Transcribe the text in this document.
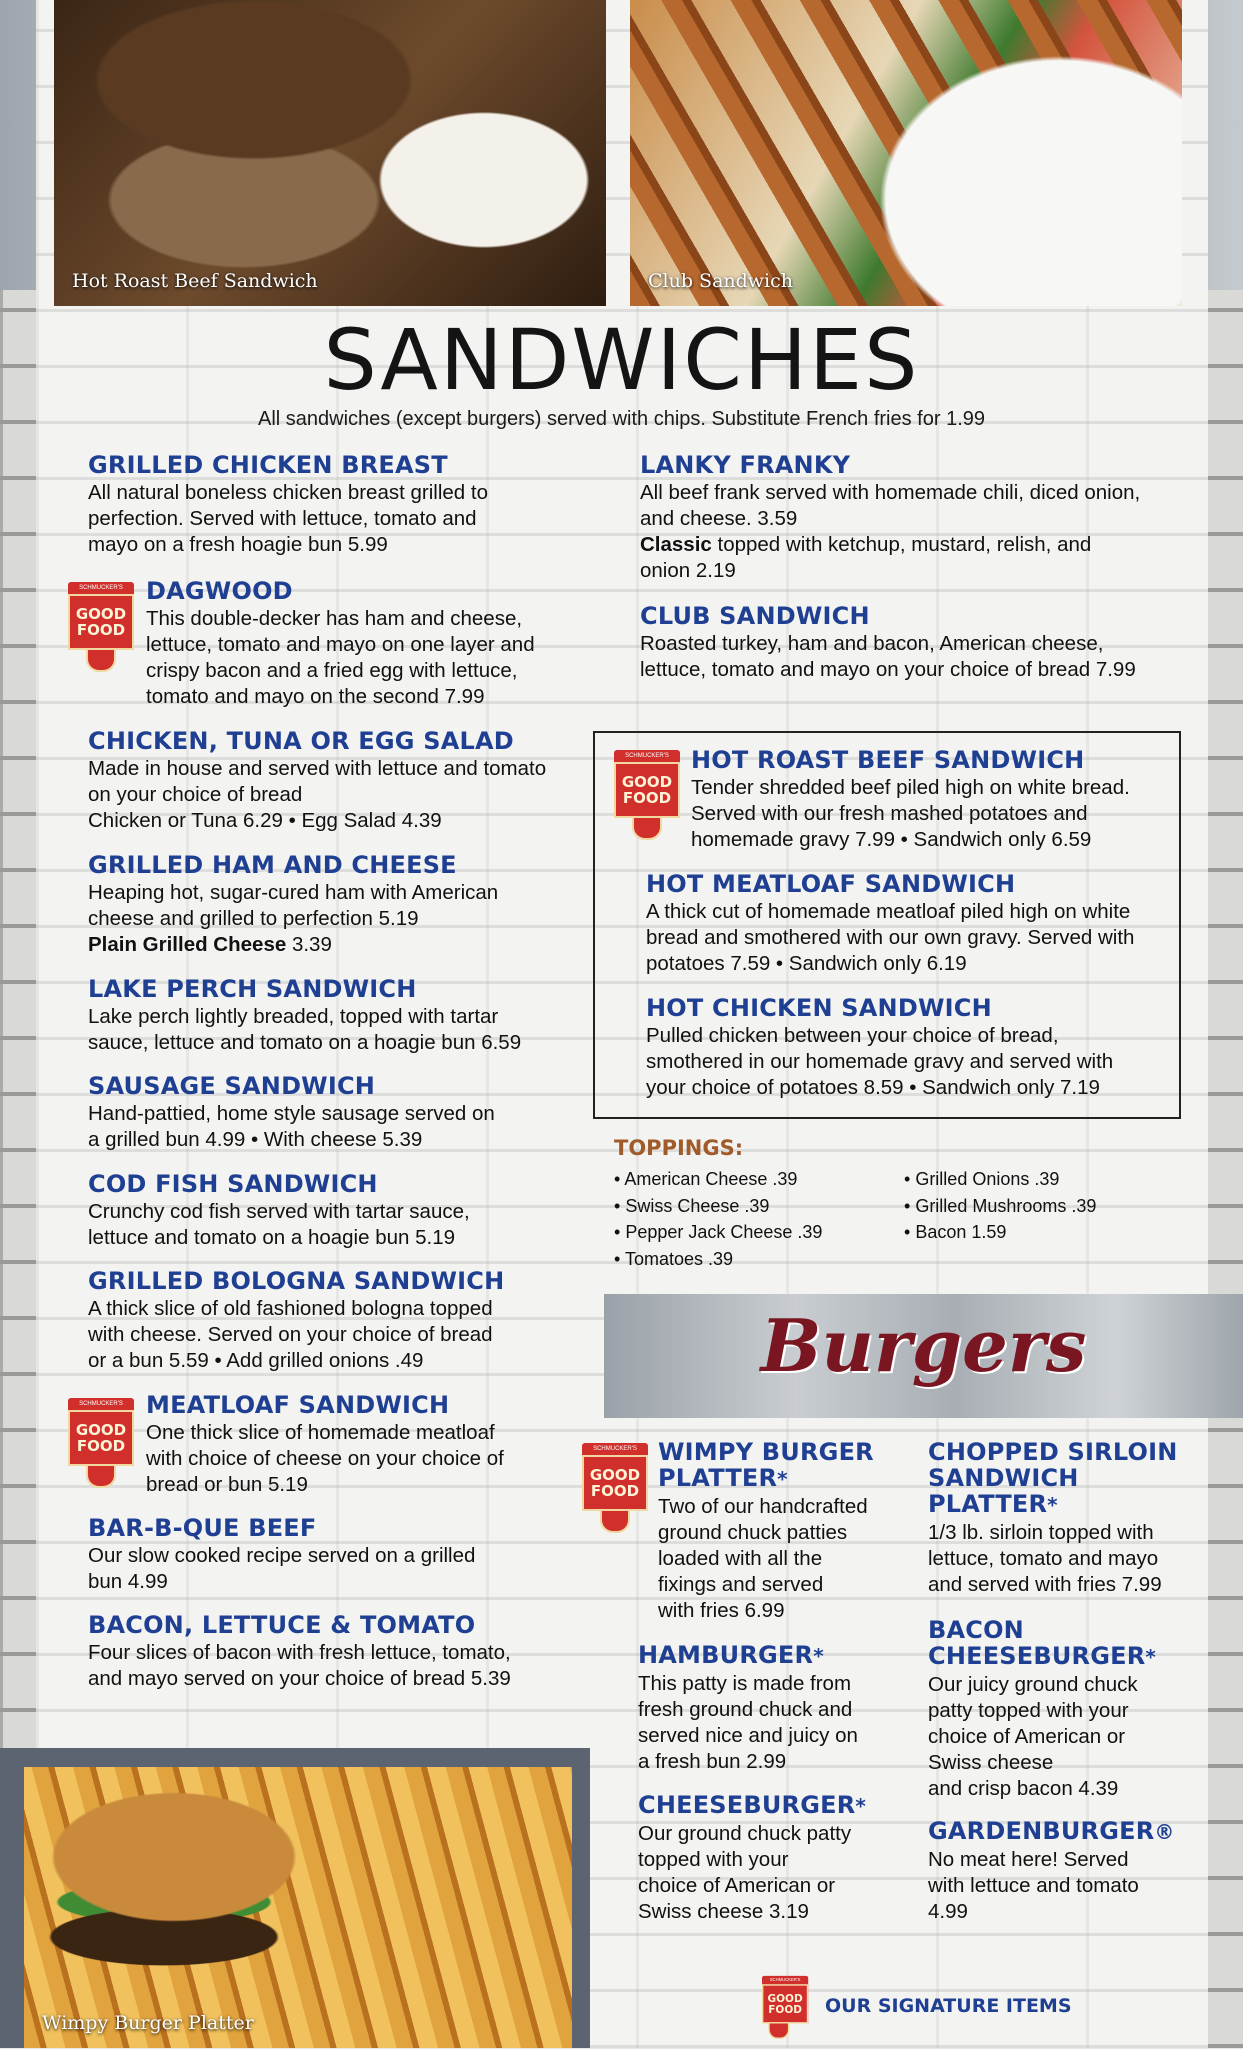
Hot Roast Beef Sandwich	Club Sandwich
SANDWICHES
All sandwiches (except burgers) served with chips. Substitute French fries for 1.99
GRILLED CHICKEN BREAST

All natural boneless chicken breast grilled to
perfection. Served with lettuce, tomato and
mayo on a fresh hoagie bun 5.99

SCHMUCKER'S
GOOD
FOOD
DAGWOOD

This double-decker has ham and cheese,
lettuce, tomato and mayo on one layer and
crispy bacon and a fried egg with lettuce,
tomato and mayo on the second 7.99

CHICKEN, TUNA OR EGG SALAD

Made in house and served with lettuce and tomato
on your choice of bread
Chicken or Tuna 6.29 • Egg Salad 4.39

GRILLED HAM AND CHEESE

Heaping hot, sugar-cured ham with American
cheese and grilled to perfection 5.19
Plain Grilled Cheese 3.39

LAKE PERCH SANDWICH

Lake perch lightly breaded, topped with tartar
sauce, lettuce and tomato on a hoagie bun 6.59

SAUSAGE SANDWICH

Hand-pattied, home style sausage served on
a grilled bun 4.99 • With cheese 5.39

COD FISH SANDWICH

Crunchy cod fish served with tartar sauce,
lettuce and tomato on a hoagie bun 5.19

GRILLED BOLOGNA SANDWICH

A thick slice of old fashioned bologna topped
with cheese. Served on your choice of bread
or a bun 5.59 • Add grilled onions .49

SCHMUCKER'S
GOOD
FOOD
MEATLOAF SANDWICH

One thick slice of homemade meatloaf
with choice of cheese on your choice of
bread or bun 5.19

BAR-B-QUE BEEF

Our slow cooked recipe served on a grilled
bun 4.99

BACON, LETTUCE & TOMATO

Four slices of bacon with fresh lettuce, tomato,
and mayo served on your choice of bread 5.39

Wimpy Burger Platter
LANKY FRANKY

All beef frank served with homemade chili, diced onion,
and cheese. 3.59
Classic topped with ketchup, mustard, relish, and
onion 2.19

CLUB SANDWICH

Roasted turkey, ham and bacon, American cheese,
lettuce, tomato and mayo on your choice of bread 7.99

SCHMUCKER'S
GOOD
FOOD
HOT ROAST BEEF SANDWICH

Tender shredded beef piled high on white bread.
Served with our fresh mashed potatoes and
homemade gravy 7.99 • Sandwich only 6.59

HOT MEATLOAF SANDWICH

A thick cut of homemade meatloaf piled high on white
bread and smothered with our own gravy. Served with
potatoes 7.59 • Sandwich only 6.19

HOT CHICKEN SANDWICH

Pulled chicken between your choice of bread,
smothered in our homemade gravy and served with
your choice of potatoes 8.59 • Sandwich only 7.19

TOPPINGS:
• American Cheese .39
• Swiss Cheese .39
• Pepper Jack Cheese .39
• Tomatoes .39
• Grilled Onions .39
• Grilled Mushrooms .39
• Bacon 1.59
Burgers
SCHMUCKER'S
GOOD
FOOD
WIMPY BURGER
PLATTER*

Two of our handcrafted
ground chuck patties
loaded with all the
fixings and served
with fries 6.99

HAMBURGER*

This patty is made from
fresh ground chuck and
served nice and juicy on
a fresh bun 2.99

CHEESEBURGER*

Our ground chuck patty
topped with your
choice of American or
Swiss cheese 3.19

CHOPPED SIRLOIN
SANDWICH
PLATTER*

1/3 lb. sirloin topped with
lettuce, tomato and mayo
and served with fries 7.99

BACON
CHEESEBURGER*

Our juicy ground chuck
patty topped with your
choice of American or
Swiss cheese
and crisp bacon 4.39

GARDENBURGER®

No meat here! Served
with lettuce and tomato
4.99

SCHMUCKER'S
GOOD
FOOD OUR SIGNATURE ITEMS
